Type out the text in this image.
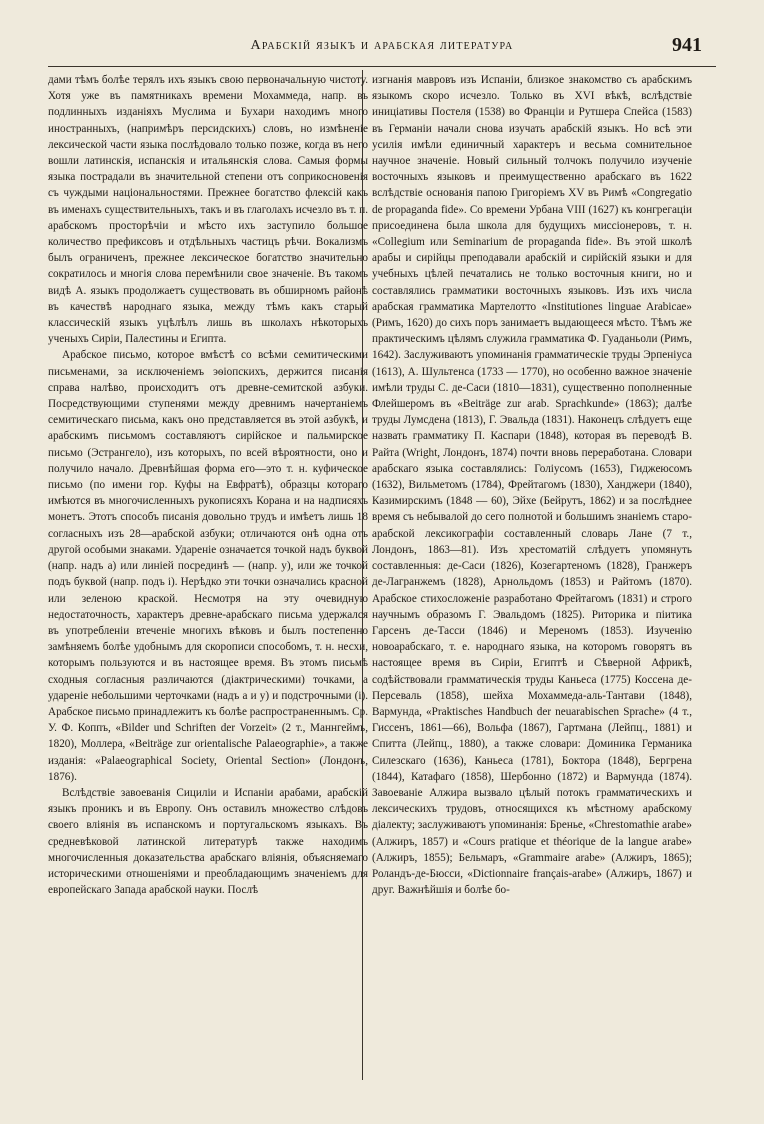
Арабскій языкъ и арабская литература	941

дами тѣмъ болѣе терялъ ихъ языкъ свою первоначальную чистоту. Хотя уже въ памятникахъ времени Мохаммеда, напр. въ подлинныхъ изданіяхъ Муслима и Бухари находимъ много иностранныхъ, (напримѣръ персидскихъ) словъ, но измѣненіе лексической части языка послѣдовало только позже, когда въ него вошли латинскія, испанскія и итальянскія слова. Самыя формы языка пострадали въ значительной степени отъ соприкосновенія съ чуждыми національностями. Прежнее богатство флексій какъ въ именахъ существительныхъ, такъ и въ глаголахъ исчезло въ т. п. арабскомъ просторѣчіи и мѣсто ихъ заступило большое количество префиксовъ и отдѣльныхъ частицъ рѣчи. Вокализмъ былъ ограниченъ, прежнее лексическое богатство значительно сократилось и многія слова перемѣнили свое значеніе. Въ такомъ видѣ А. языкъ продолжаетъ существовать въ обширномъ районѣ въ качествѣ народнаго языка, между тѣмъ какъ старый классическій языкъ уцѣлѣлъ лишь въ школахъ нѣкоторыхъ ученыхъ Сиріи, Палестины и Египта.

Арабское письмо, которое вмѣстѣ со всѣми семитическими письменами, за исключеніемъ эѳіопскихъ, держится писанія справа налѣво, происходитъ отъ древне-семитской азбуки. Посредствующими ступенями между древнимъ начертаніемъ семитическаго письма, какъ оно представляется въ этой азбукѣ, и арабскимъ письмомъ составляютъ сирійское и пальмирское письмо (Эстрангело), изъ которыхъ, по всей вѣроятности, оно и получило начало. Древнѣйшая форма его—это т. н. куфическое письмо (по имени гор. Куфы на Евфратѣ), образцы котораго имѣются въ многочисленныхъ рукописяхъ Корана и на надписяхъ монетъ. Этотъ способъ писанія довольно трудъ и имѣетъ лишь 18 согласныхъ изъ 28—арабской азбуки; отличаются онѣ одна отъ другой особыми знаками. Удареніе означается точкой надъ буквой (напр. надъ а) или линіей посрединѣ — (напр. у), или же точкой подъ буквой (напр. подъ і). Нерѣдко эти точки означались красной или зеленою краской. Несмотря на эту очевидную недостаточность, характеръ древне-арабскаго письма удержался въ употребленіи втеченіе многихъ вѣковъ и былъ постепенно замѣняемъ болѣе удобнымъ для скорописи способомъ, т. н. несхи, которымъ пользуются и въ настоящее время. Въ этомъ письмѣ сходныя согласныя различаются (діактрическими) точками, а удареніе небольшими черточками (надъ а и у) и подстрочными (і). Арабское письмо принадлежитъ къ болѣе распространеннымъ. Ср. У. Ф. Коппъ, «Bilder und Schriften der Vorzeit» (2 т., Маннгеймъ, 1820), Моллера, «Beiträge zur orientalische Palaeographie», а также изданія: «Palaeographical Society, Oriental Section» (Лондонъ, 1876).

Вслѣдствіе завоеванія Сициліи и Испаніи арабами, арабскій языкъ проникъ и въ Европу. Онъ оставилъ множество слѣдовъ своего вліянія въ испанскомъ и португальскомъ языкахъ. Въ средневѣковой латинской литературѣ также находимъ многочисленныя доказательства арабскаго вліянія, объясняемаго историческими отношеніями и преобладающимъ значеніемъ для европейскаго Запада арабской науки. Послѣ

изгнанія мавровъ изъ Испаніи, близкое знакомство съ арабскимъ языкомъ скоро исчезло. Только въ XVI вѣкѣ, вслѣдствіе иниціативы Постеля (1538) во Франціи и Рутшера Спейса (1583) въ Германіи начали снова изучать арабскій языкъ. Но всѣ эти усилія имѣли единичный характеръ и весьма сомнительное научное значеніе. Новый сильный толчокъ получило изученіе восточныхъ языковъ и преимущественно арабскаго въ 1622 вслѣдствіе основанія папою Григоріемъ XV въ Римѣ «Congregatio de propaganda fide». Со времени Урбана VIII (1627) къ конгрегаціи присоединена была школа для будущихъ миссіонеровъ, т. н. «Collegium или Seminarium de propaganda fide». Въ этой школѣ арабы и сирійцы преподавали арабскій и сирійскій языки и для учебныхъ цѣлей печатались не только восточныя книги, но и составлялись грамматики восточныхъ языковъ. Изъ ихъ числа арабская грамматика Мартелотто «Institutiones linguae Arabicae» (Римъ, 1620) до сихъ поръ занимаетъ выдающееся мѣсто. Тѣмъ же практическимъ цѣлямъ служила грамматика Ф. Гуаданьоли (Римъ, 1642). Заслуживаютъ упоминанія грамматическіе труды Эрпеніуса (1613), А. Шультенса (1733 — 1770), но особенно важное значеніе имѣли труды С. де-Саси (1810—1831), существенно пополненные Флейшеромъ въ «Beiträge zur arab. Sprachkunde» (1863); далѣе труды Лумсдена (1813), Г. Эвальда (1831). Наконецъ слѣдуетъ еще назвать грамматику П. Каспари (1848), которая въ переводѣ В. Райта (Wright, Лондонъ, 1874) почти вновь переработана. Словари арабскаго языка составлялись: Голіусомъ (1653), Гиджеюсомъ (1632), Вильметомъ (1784), Фрейтагомъ (1830), Ханджери (1840), Казимирскимъ (1848 — 60), Эйхе (Бейрутъ, 1862) и за послѣднее время съ небывалой до сего полнотой и большимъ знаніемъ старо-арабской лексикографіи составленный словарь Лане (7 т., Лондонъ, 1863—81). Изъ хрестоматій слѣдуетъ упомянуть составленныя: де-Саси (1826), Козегартеномъ (1828), Гранжеръ де-Лагранжемъ (1828), Арнольдомъ (1853) и Райтомъ (1870). Арабское стихосложеніе разработано Фрейтагомъ (1831) и строго научнымъ образомъ Г. Эвальдомъ (1825). Риторика и піитика Гарсенъ де-Тасси (1846) и Мереномъ (1853). Изученію новоарабскаго, т. е. народнаго языка, на которомъ говорятъ въ настоящее время въ Сиріи, Египтѣ и Сѣверной Африкѣ, содѣйствовали грамматическія труды Каньеса (1775) Коссена де-Персеваль (1858), шейха Мохаммеда-аль-Тантави (1848), Вармунда, «Praktisches Handbuch der neuarabischen Sprache» (4 т., Гиссенъ, 1861—66), Вольфа (1867), Гартмана (Лейпц., 1881) и Спитта (Лейпц., 1880), а также словари: Доминика Германика Силезскаго (1636), Каньеса (1781), Боктора (1848), Бергрена (1844), Катафаго (1858), Шербонно (1872) и Вармунда (1874). Завоеваніе Алжира вызвало цѣлый потокъ грамматическихъ и лексическихъ трудовъ, относящихся къ мѣстному арабскому діалекту; заслуживаютъ упоминанія: Бренье, «Chrestomathie arabe» (Алжиръ, 1857) и «Cours pratique et théorique de la langue arabe» (Алжиръ, 1855); Бельмаръ, «Grammaire arabe» (Алжиръ, 1865); Роландъ-де-Бюсси, «Dictionnaire français-arabe» (Алжиръ, 1867) и друг. Важнѣйшія и болѣе бо-
